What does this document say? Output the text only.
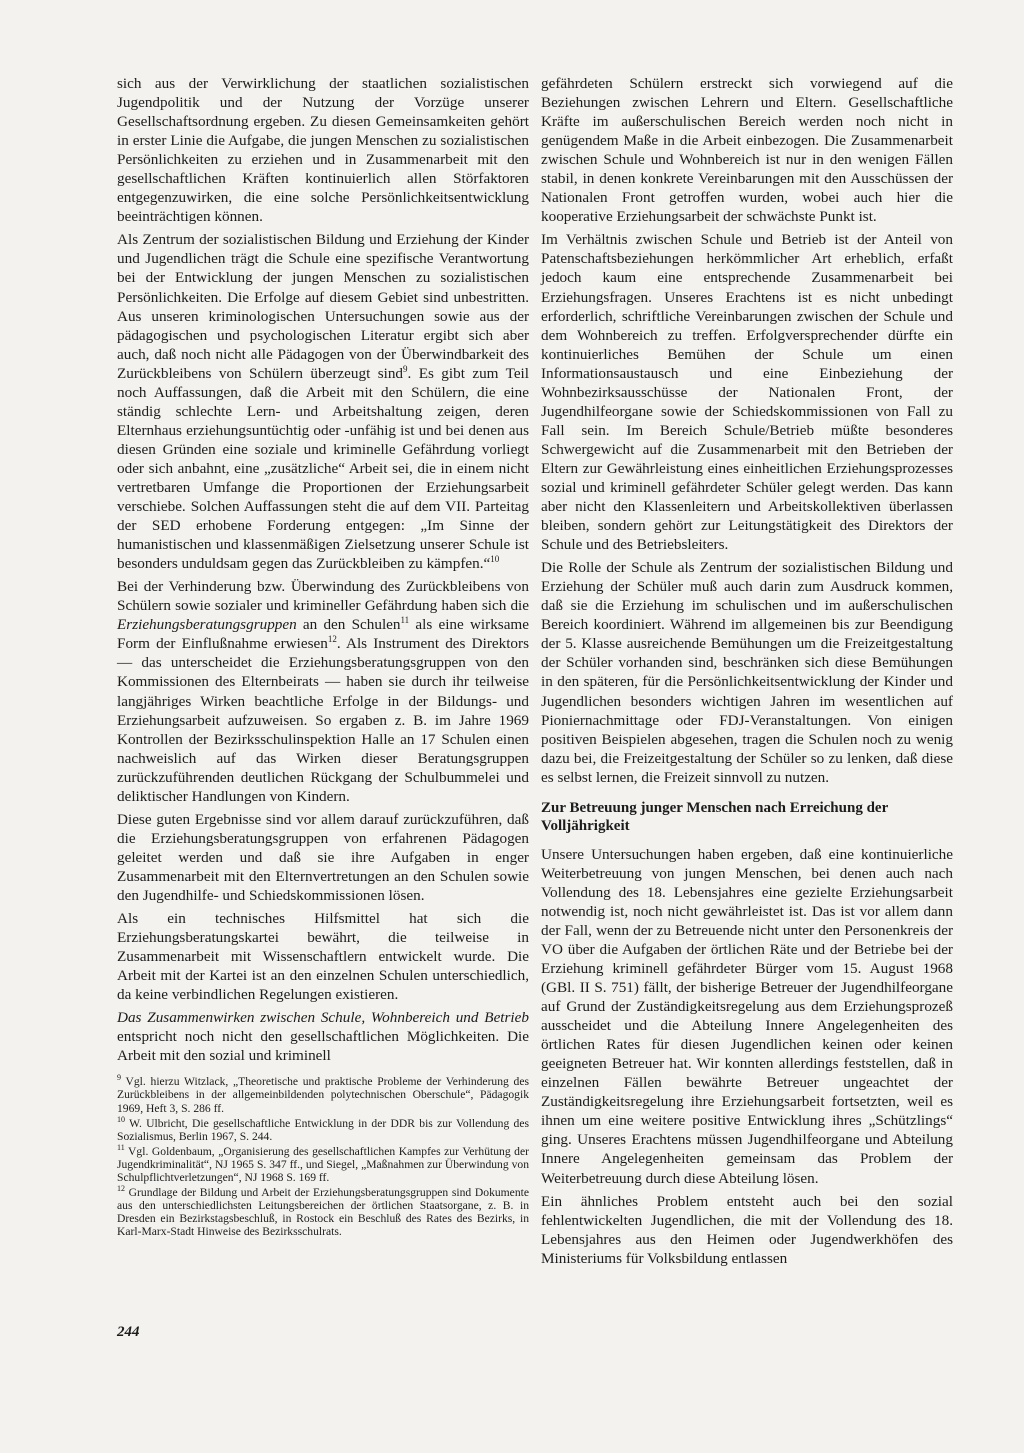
sich aus der Verwirklichung der staatlichen sozialistischen Jugendpolitik und der Nutzung der Vorzüge unserer Gesellschaftsordnung ergeben. Zu diesen Gemeinsamkeiten gehört in erster Linie die Aufgabe, die jungen Menschen zu sozialistischen Persönlichkeiten zu erziehen und in Zusammenarbeit mit den gesellschaftlichen Kräften kontinuierlich allen Störfaktoren entgegenzuwirken, die eine solche Persönlichkeitsentwicklung beeinträchtigen können.

Als Zentrum der sozialistischen Bildung und Erziehung der Kinder und Jugendlichen trägt die Schule eine spezifische Verantwortung bei der Entwicklung der jungen Menschen zu sozialistischen Persönlichkeiten. Die Erfolge auf diesem Gebiet sind unbestritten. Aus unseren kriminologischen Untersuchungen sowie aus der pädagogischen und psychologischen Literatur ergibt sich aber auch, daß noch nicht alle Pädagogen von der Überwindbarkeit des Zurückbleibens von Schülern überzeugt sind$^9$. Es gibt zum Teil noch Auffassungen, daß die Arbeit mit den Schülern, die eine ständig schlechte Lern- und Arbeitshaltung zeigen, deren Elternhaus erziehungsuntüchtig oder -unfähig ist und bei denen aus diesen Gründen eine soziale und kriminelle Gefährdung vorliegt oder sich anbahnt, eine „zusätzliche“ Arbeit sei, die in einem nicht vertretbaren Umfange die Proportionen der Erziehungsarbeit verschiebe. Solchen Auffassungen steht die auf dem VII. Parteitag der SED erhobene Forderung entgegen: „Im Sinne der humanistischen und klassenmäßigen Zielsetzung unserer Schule ist besonders unduldsam gegen das Zurückbleiben zu kämpfen.“$^{10}$

Bei der Verhinderung bzw. Überwindung des Zurückbleibens von Schülern sowie sozialer und krimineller Gefährdung haben sich die Erziehungsberatungsgruppen an den Schulen$^{11}$ als eine wirksame Form der Einflußnahme erwiesen$^{12}$. Als Instrument des Direktors — das unterscheidet die Erziehungsberatungsgruppen von den Kommissionen des Elternbeirats — haben sie durch ihr teilweise langjähriges Wirken beachtliche Erfolge in der Bildungs- und Erziehungsarbeit aufzuweisen. So ergaben z. B. im Jahre 1969 Kontrollen der Bezirksschulinspektion Halle an 17 Schulen einen nachweislich auf das Wirken dieser Beratungsgruppen zurückzuführenden deutlichen Rückgang der Schulbummelei und deliktischer Handlungen von Kindern.

Diese guten Ergebnisse sind vor allem darauf zurückzuführen, daß die Erziehungsberatungsgruppen von erfahrenen Pädagogen geleitet werden und daß sie ihre Aufgaben in enger Zusammenarbeit mit den Elternvertretungen an den Schulen sowie den Jugendhilfe- und Schiedskommissionen lösen.

Als ein technisches Hilfsmittel hat sich die Erziehungsberatungskartei bewährt, die teilweise in Zusammenarbeit mit Wissenschaftlern entwickelt wurde. Die Arbeit mit der Kartei ist an den einzelnen Schulen unterschiedlich, da keine verbindlichen Regelungen existieren.

Das Zusammenwirken zwischen Schule, Wohnbereich und Betrieb entspricht noch nicht den gesellschaftlichen Möglichkeiten. Die Arbeit mit den sozial und kriminell

$^9$ Vgl. hierzu Witzlack, „Theoretische und praktische Probleme der Verhinderung des Zurückbleibens in der allgemeinbildenden polytechnischen Oberschule“, Pädagogik 1969, Heft 3, S. 286 ff.

$^{10}$ W. Ulbricht, Die gesellschaftliche Entwicklung in der DDR bis zur Vollendung des Sozialismus, Berlin 1967, S. 244.

$^{11}$ Vgl. Goldenbaum, „Organisierung des gesellschaftlichen Kampfes zur Verhütung der Jugendkriminalität“, NJ 1965 S. 347 ff., und Siegel, „Maßnahmen zur Überwindung von Schulpflichtverletzungen“, NJ 1968 S. 169 ff.

$^{12}$ Grundlage der Bildung und Arbeit der Erziehungsberatungsgruppen sind Dokumente aus den unterschiedlichsten Leitungsbereichen der örtlichen Staatsorgane, z. B. in Dresden ein Bezirkstagsbeschluß, in Rostock ein Beschluß des Rates des Bezirks, in Karl-Marx-Stadt Hinweise des Bezirksschulrats.

gefährdeten Schülern erstreckt sich vorwiegend auf die Beziehungen zwischen Lehrern und Eltern. Gesellschaftliche Kräfte im außerschulischen Bereich werden noch nicht in genügendem Maße in die Arbeit einbezogen. Die Zusammenarbeit zwischen Schule und Wohnbereich ist nur in den wenigen Fällen stabil, in denen konkrete Vereinbarungen mit den Ausschüssen der Nationalen Front getroffen wurden, wobei auch hier die kooperative Erziehungsarbeit der schwächste Punkt ist.

Im Verhältnis zwischen Schule und Betrieb ist der Anteil von Patenschaftsbeziehungen herkömmlicher Art erheblich, erfaßt jedoch kaum eine entsprechende Zusammenarbeit bei Erziehungsfragen. Unseres Erachtens ist es nicht unbedingt erforderlich, schriftliche Vereinbarungen zwischen der Schule und dem Wohnbereich zu treffen. Erfolgversprechender dürfte ein kontinuierliches Bemühen der Schule um einen Informationsaustausch und eine Einbeziehung der Wohnbezirksausschüsse der Nationalen Front, der Jugendhilfeorgane sowie der Schiedskommissionen von Fall zu Fall sein. Im Bereich Schule/Betrieb müßte besonderes Schwergewicht auf die Zusammenarbeit mit den Betrieben der Eltern zur Gewährleistung eines einheitlichen Erziehungsprozesses sozial und kriminell gefährdeter Schüler gelegt werden. Das kann aber nicht den Klassenleitern und Arbeitskollektiven überlassen bleiben, sondern gehört zur Leitungstätigkeit des Direktors der Schule und des Betriebsleiters.

Die Rolle der Schule als Zentrum der sozialistischen Bildung und Erziehung der Schüler muß auch darin zum Ausdruck kommen, daß sie die Erziehung im schulischen und im außerschulischen Bereich koordiniert. Während im allgemeinen bis zur Beendigung der 5. Klasse ausreichende Bemühungen um die Freizeitgestaltung der Schüler vorhanden sind, beschränken sich diese Bemühungen in den späteren, für die Persönlichkeitsentwicklung der Kinder und Jugendlichen besonders wichtigen Jahren im wesentlichen auf Pioniernachmittage oder FDJ-Veranstaltungen. Von einigen positiven Beispielen abgesehen, tragen die Schulen noch zu wenig dazu bei, die Freizeitgestaltung der Schüler so zu lenken, daß diese es selbst lernen, die Freizeit sinnvoll zu nutzen.

Zur Betreuung junger Menschen nach Erreichung der Volljährigkeit

Unsere Untersuchungen haben ergeben, daß eine kontinuierliche Weiterbetreuung von jungen Menschen, bei denen auch nach Vollendung des 18. Lebensjahres eine gezielte Erziehungsarbeit notwendig ist, noch nicht gewährleistet ist. Das ist vor allem dann der Fall, wenn der zu Betreuende nicht unter den Personenkreis der VO über die Aufgaben der örtlichen Räte und der Betriebe bei der Erziehung kriminell gefährdeter Bürger vom 15. August 1968 (GBl. II S. 751) fällt, der bisherige Betreuer der Jugendhilfeorgane auf Grund der Zuständigkeitsregelung aus dem Erziehungsprozeß ausscheidet und die Abteilung Innere Angelegenheiten des örtlichen Rates für diesen Jugendlichen keinen oder keinen geeigneten Betreuer hat. Wir konnten allerdings feststellen, daß in einzelnen Fällen bewährte Betreuer ungeachtet der Zuständigkeitsregelung ihre Erziehungsarbeit fortsetzten, weil es ihnen um eine weitere positive Entwicklung ihres „Schützlings“ ging. Unseres Erachtens müssen Jugendhilfeorgane und Abteilung Innere Angelegenheiten gemeinsam das Problem der Weiterbetreuung durch diese Abteilung lösen.

Ein ähnliches Problem entsteht auch bei den sozial fehlentwickelten Jugendlichen, die mit der Vollendung des 18. Lebensjahres aus den Heimen oder Jugendwerkhöfen des Ministeriums für Volksbildung entlassen

244
